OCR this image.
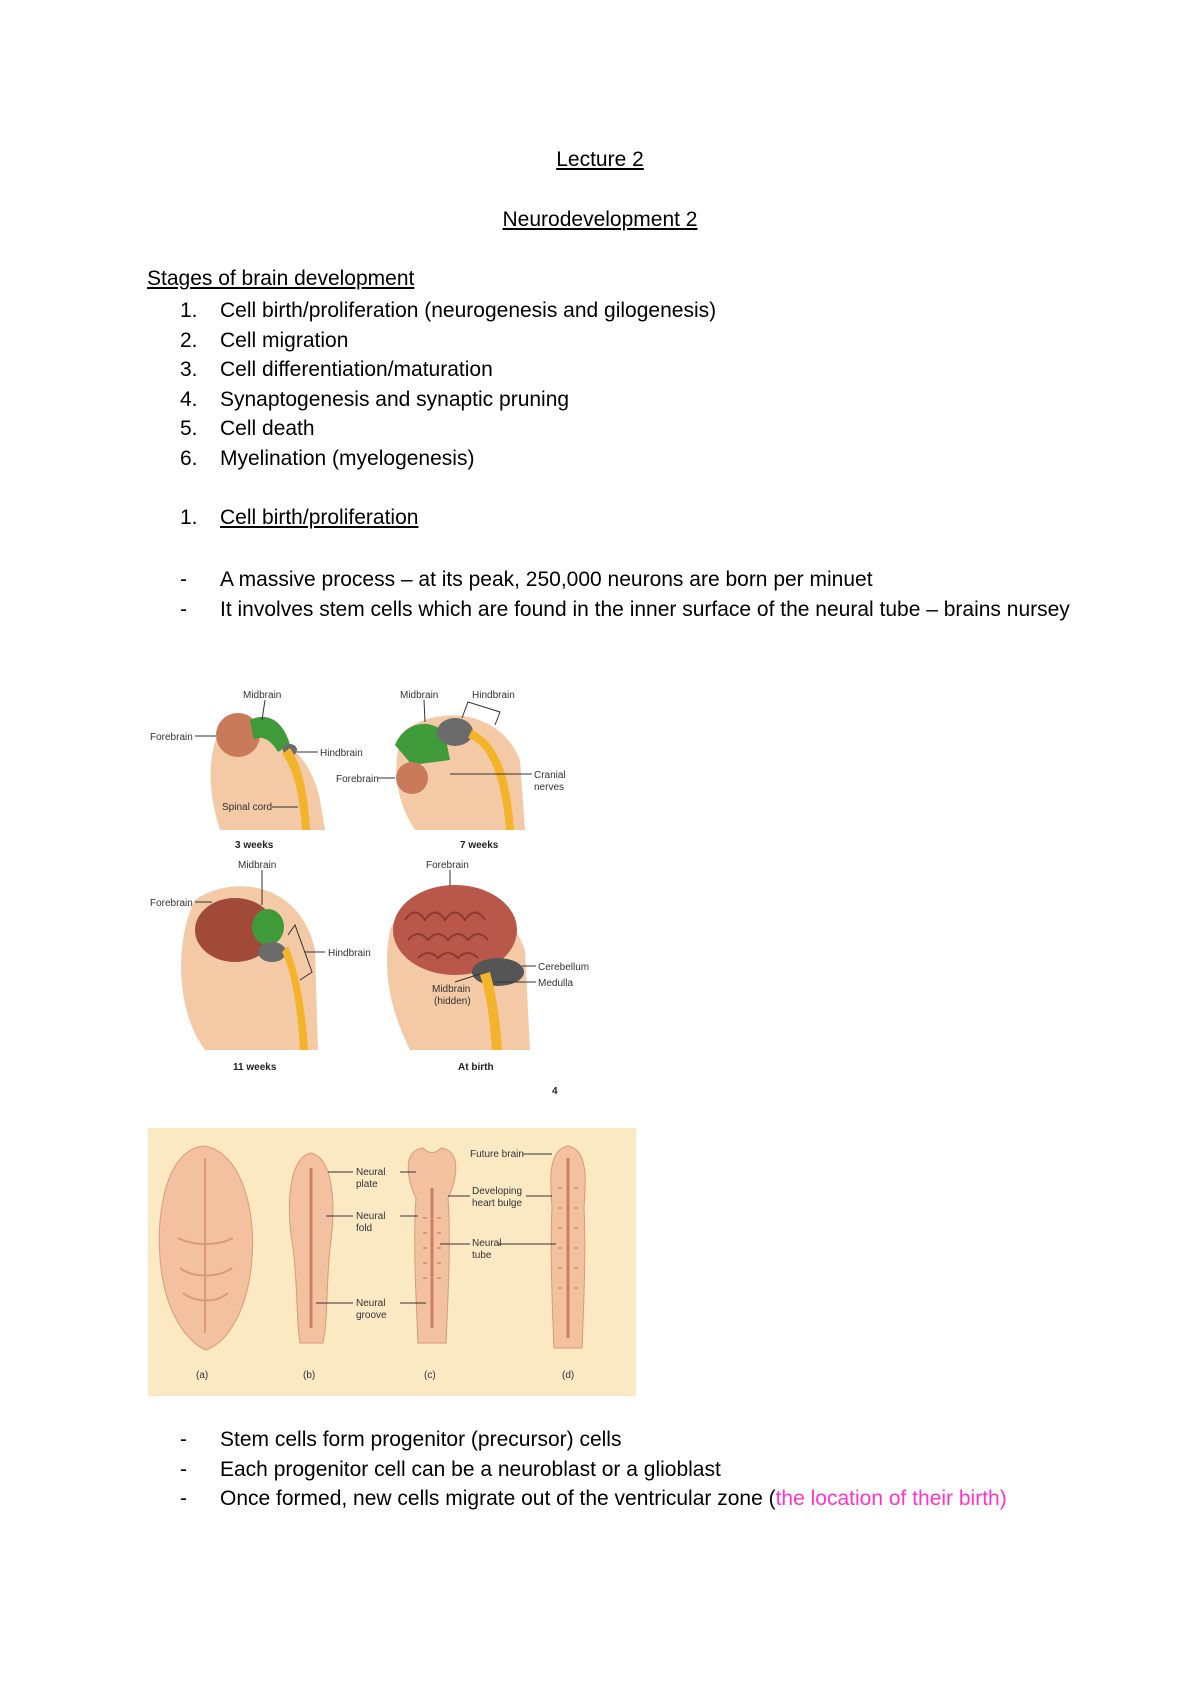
Lecture 2
Neurodevelopment 2
Stages of brain development
1.	Cell birth/proliferation (neurogenesis and gilogenesis)
2.	Cell migration
3.	Cell differentiation/maturation
4.	Synaptogenesis and synaptic pruning
5.	Cell death
6.	Myelination (myelogenesis)
1.	Cell birth/proliferation
-	A massive process – at its peak, 250,000 neurons are born per minuet
-	It involves stem cells which are found in the inner surface of the neural tube – brains nursey
Midbrain
Forebrain
Hindbrain
Spinal cord
3 weeks
Midbrain	Hindbrain
Forebrain	Cranial
nerves
7 weeks
Midbrain
Forebrain
Hindbrain
11 weeks
Forebrain
Cerebellum
Medulla
Midbrain
(hidden)
At birth
4
(a)
Neural
plate
Neural
fold
Neural
groove
(b)	(c)
Future brain
Developing
heart bulge
Neural
tube
(d)
-	Stem cells form progenitor (precursor) cells
-	Each progenitor cell can be a neuroblast or a glioblast
-	Once formed, new cells migrate out of the ventricular zone (the location of their birth)
